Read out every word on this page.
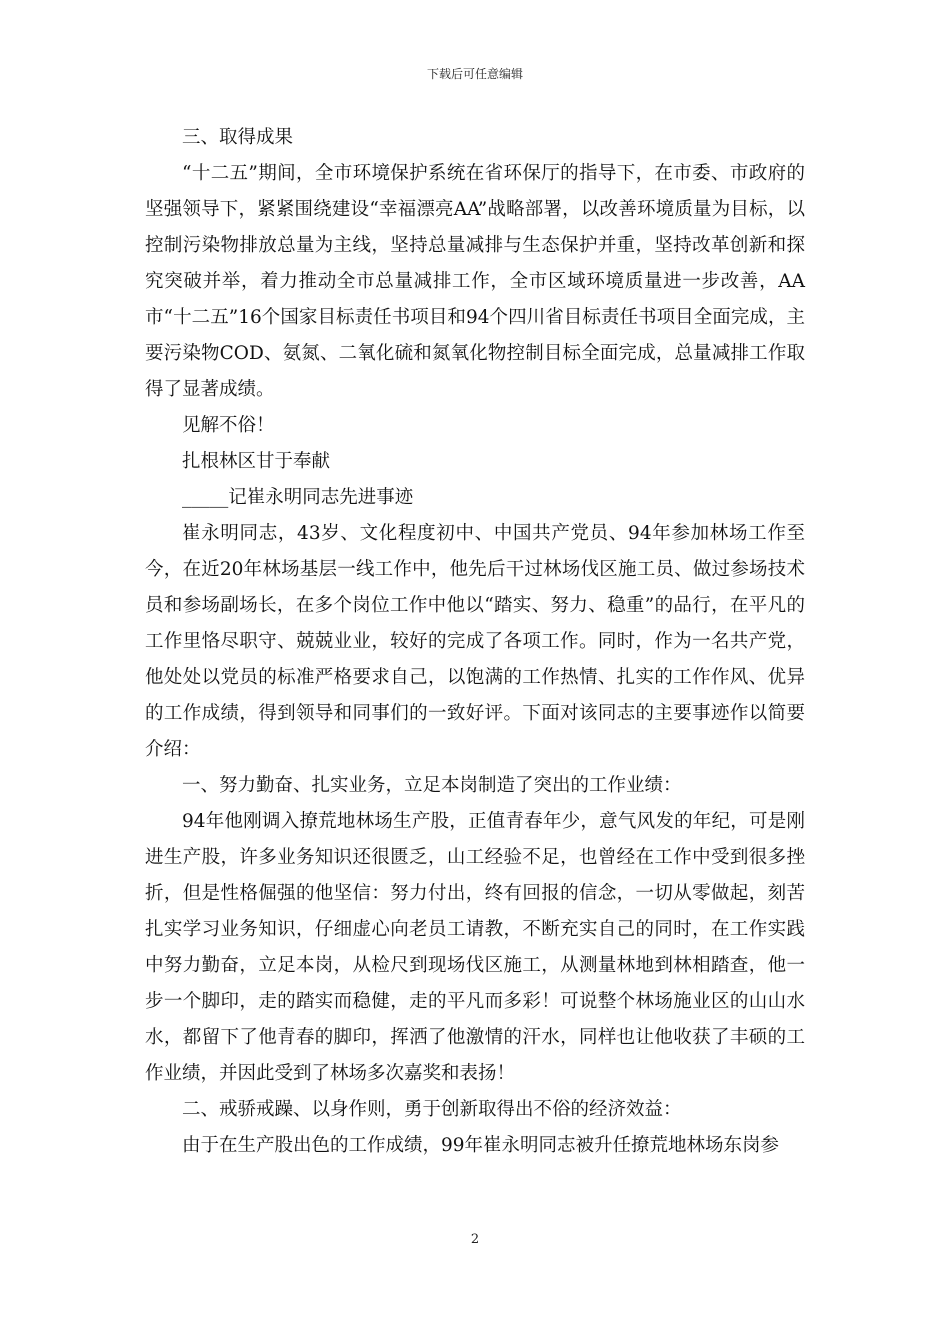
下载后可任意编辑

三、取得成果

“十二五”期间，全市环境保护系统在省环保厅的指导下，在市委、市政府的坚强领导下，紧紧围绕建设“幸福漂亮AA”战略部署，以改善环境质量为目标，以控制污染物排放总量为主线，坚持总量减排与生态保护并重，坚持改革创新和探究突破并举，着力推动全市总量减排工作，全市区域环境质量进一步改善，AA市“十二五”16个国家目标责任书项目和94个四川省目标责任书项目全面完成，主要污染物COD、氨氮、二氧化硫和氮氧化物控制目标全面完成，总量减排工作取得了显著成绩。

见解不俗！

扎根林区甘于奉献

_____记崔永明同志先进事迹

崔永明同志，43岁、文化程度初中、中国共产党员、94年参加林场工作至今，在近20年林场基层一线工作中，他先后干过林场伐区施工员、做过参场技术员和参场副场长，在多个岗位工作中他以“踏实、努力、稳重”的品行，在平凡的工作里恪尽职守、兢兢业业，较好的完成了各项工作。同时，作为一名共产党，他处处以党员的标准严格要求自己，以饱满的工作热情、扎实的工作作风、优异的工作成绩，得到领导和同事们的一致好评。下面对该同志的主要事迹作以简要介绍：

一、努力勤奋、扎实业务，立足本岗制造了突出的工作业绩：

94年他刚调入撩荒地林场生产股，正值青春年少，意气风发的年纪，可是刚进生产股，许多业务知识还很匮乏，山工经验不足，也曾经在工作中受到很多挫折，但是性格倔强的他坚信：努力付出，终有回报的信念，一切从零做起，刻苦扎实学习业务知识，仔细虚心向老员工请教，不断充实自己的同时，在工作实践中努力勤奋，立足本岗，从检尺到现场伐区施工，从测量林地到林相踏查，他一步一个脚印，走的踏实而稳健，走的平凡而多彩！可说整个林场施业区的山山水水，都留下了他青春的脚印，挥洒了他激情的汗水，同样也让他收获了丰硕的工作业绩，并因此受到了林场多次嘉奖和表扬！

二、戒骄戒躁、以身作则，勇于创新取得出不俗的经济效益：

由于在生产股出色的工作成绩，99年崔永明同志被升任撩荒地林场东岗参

2
